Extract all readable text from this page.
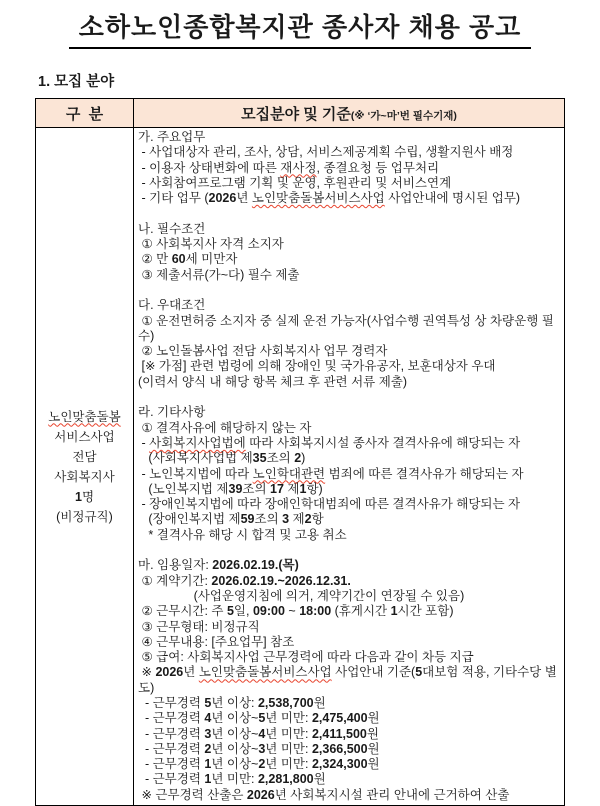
소하노인종합복지관 종사자 채용 공고
1. 모집 분야
구  분	모집분야 및 기준(※ ‘가~마’번 필수기재)

노인맞춤돌봄
서비스사업
전담
사회복지사
1명
(비정규직)

가. 주요업무
- 사업대상자 관리, 조사, 상담, 서비스제공계획 수립, 생활지원사 배정
- 이용자 상태변화에 따른 재사정, 종결요청 등 업무처리
- 사회참여프로그램 기획 및 운영, 후원관리 및 서비스연계
- 기타 업무 (2026년 노인맞춤돌봄서비스사업 사업안내에 명시된 업무)

나. 필수조건
① 사회복지사 자격 소지자
② 만 60세 미만자
③ 제출서류(가~다) 필수 제출

다. 우대조건
① 운전면허증 소지자 중 실제 운전 가능자(사업수행 권역특성 상 차량운행 필수)
② 노인돌봄사업 전담 사회복지사 업무 경력자
[※ 가점] 관련 법령에 의해 장애인 및 국가유공자, 보훈대상자 우대
(이력서 양식 내 해당 항목 체크 후 관련 서류 제출)

라. 기타사항
① 결격사유에 해당하지 않는 자
- 사회복지사업법에 따라 사회복지시설 종사자 결격사유에 해당되는 자
(사회복지사업법 제35조의 2)
- 노인복지법에 따라 노인학대관련 범죄에 따른 결격사유가 해당되는 자
(노인복지법 제39조의 17 제1항)
- 장애인복지법에 따라 장애인학대범죄에 따른 결격사유가 해당되는 자
(장애인복지법 제59조의 3 제2항
* 결격사유 해당 시 합격 및 고용 취소

마. 임용일자: 2026.02.19.(목)
① 계약기간: 2026.02.19.~2026.12.31.
(사업운영지침에 의거, 계약기간이 연장될 수 있음)
② 근무시간: 주 5일, 09:00 ~ 18:00 (휴게시간 1시간 포함)
③ 근무형태: 비정규직
④ 근무내용: [주요업무] 참조
⑤ 급여: 사회복지사업 근무경력에 따라 다음과 같이 차등 지급
※ 2026년 노인맞춤돌봄서비스사업 사업안내 기준(5대보험 적용, 기타수당 별도)
- 근무경력 5년 이상: 2,538,700원
- 근무경력 4년 이상~5년 미만: 2,475,400원
- 근무경력 3년 이상~4년 미만: 2,411,500원
- 근무경력 2년 이상~3년 미만: 2,366,500원
- 근무경력 1년 이상~2년 미만: 2,324,300원
- 근무경력 1년 미만: 2,281,800원
※ 근무경력 산출은 2026년 사회복지시설 관리 안내에 근거하여 산출
